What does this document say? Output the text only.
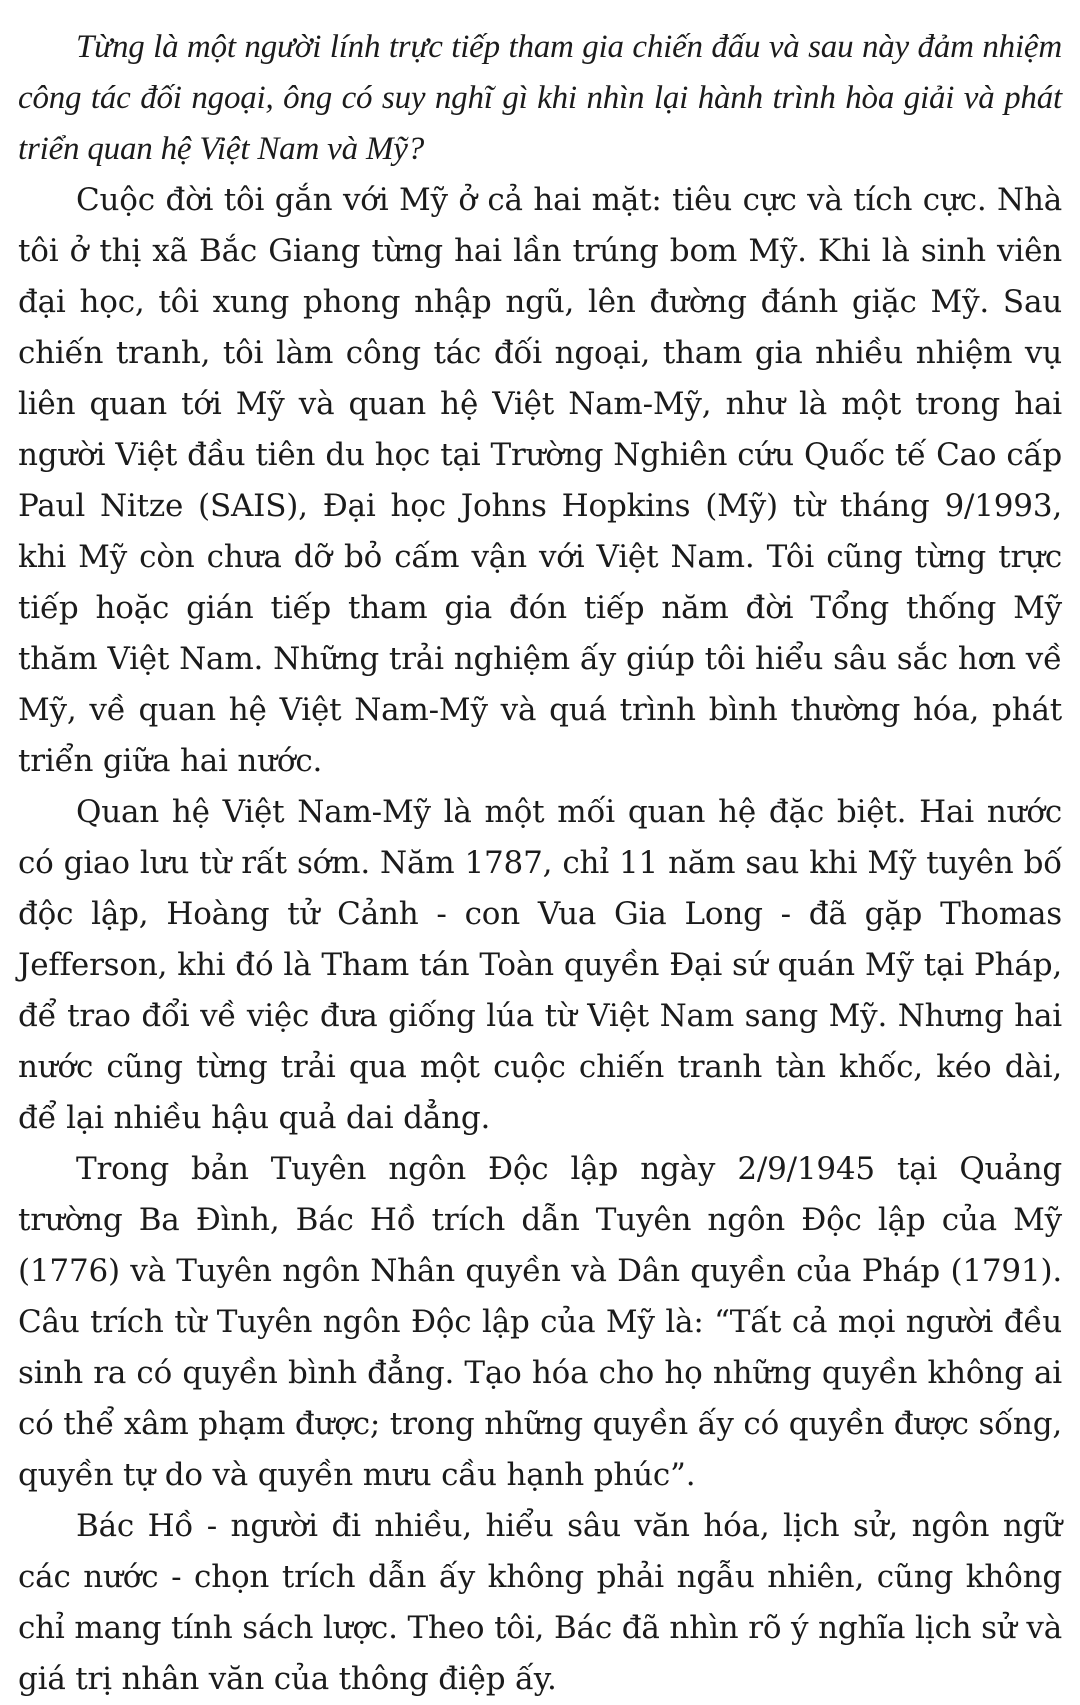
Từng là một người lính trực tiếp tham gia chiến đấu và sau này đảm nhiệm công tác đối ngoại, ông có suy nghĩ gì khi nhìn lại hành trình hòa giải và phát triển quan hệ Việt Nam và Mỹ?

Cuộc đời tôi gắn với Mỹ ở cả hai mặt: tiêu cực và tích cực. Nhà tôi ở thị xã Bắc Giang từng hai lần trúng bom Mỹ. Khi là sinh viên đại học, tôi xung phong nhập ngũ, lên đường đánh giặc Mỹ. Sau chiến tranh, tôi làm công tác đối ngoại, tham gia nhiều nhiệm vụ liên quan tới Mỹ và quan hệ Việt Nam-Mỹ, như là một trong hai người Việt đầu tiên du học tại Trường Nghiên cứu Quốc tế Cao cấp Paul Nitze (SAIS), Đại học Johns Hopkins (Mỹ) từ tháng 9/1993, khi Mỹ còn chưa dỡ bỏ cấm vận với Việt Nam. Tôi cũng từng trực tiếp hoặc gián tiếp tham gia đón tiếp năm đời Tổng thống Mỹ thăm Việt Nam. Những trải nghiệm ấy giúp tôi hiểu sâu sắc hơn về Mỹ, về quan hệ Việt Nam-Mỹ và quá trình bình thường hóa, phát triển giữa hai nước.

Quan hệ Việt Nam-Mỹ là một mối quan hệ đặc biệt. Hai nước có giao lưu từ rất sớm. Năm 1787, chỉ 11 năm sau khi Mỹ tuyên bố độc lập, Hoàng tử Cảnh - con Vua Gia Long - đã gặp Thomas Jefferson, khi đó là Tham tán Toàn quyền Đại sứ quán Mỹ tại Pháp, để trao đổi về việc đưa giống lúa từ Việt Nam sang Mỹ. Nhưng hai nước cũng từng trải qua một cuộc chiến tranh tàn khốc, kéo dài, để lại nhiều hậu quả dai dẳng.

Trong bản Tuyên ngôn Độc lập ngày 2/9/1945 tại Quảng trường Ba Đình, Bác Hồ trích dẫn Tuyên ngôn Độc lập của Mỹ (1776) và Tuyên ngôn Nhân quyền và Dân quyền của Pháp (1791). Câu trích từ Tuyên ngôn Độc lập của Mỹ là: “Tất cả mọi người đều sinh ra có quyền bình đẳng. Tạo hóa cho họ những quyền không ai có thể xâm phạm được; trong những quyền ấy có quyền được sống, quyền tự do và quyền mưu cầu hạnh phúc”.

Bác Hồ - người đi nhiều, hiểu sâu văn hóa, lịch sử, ngôn ngữ các nước - chọn trích dẫn ấy không phải ngẫu nhiên, cũng không chỉ mang tính sách lược. Theo tôi, Bác đã nhìn rõ ý nghĩa lịch sử và giá trị nhân văn của thông điệp ấy.
